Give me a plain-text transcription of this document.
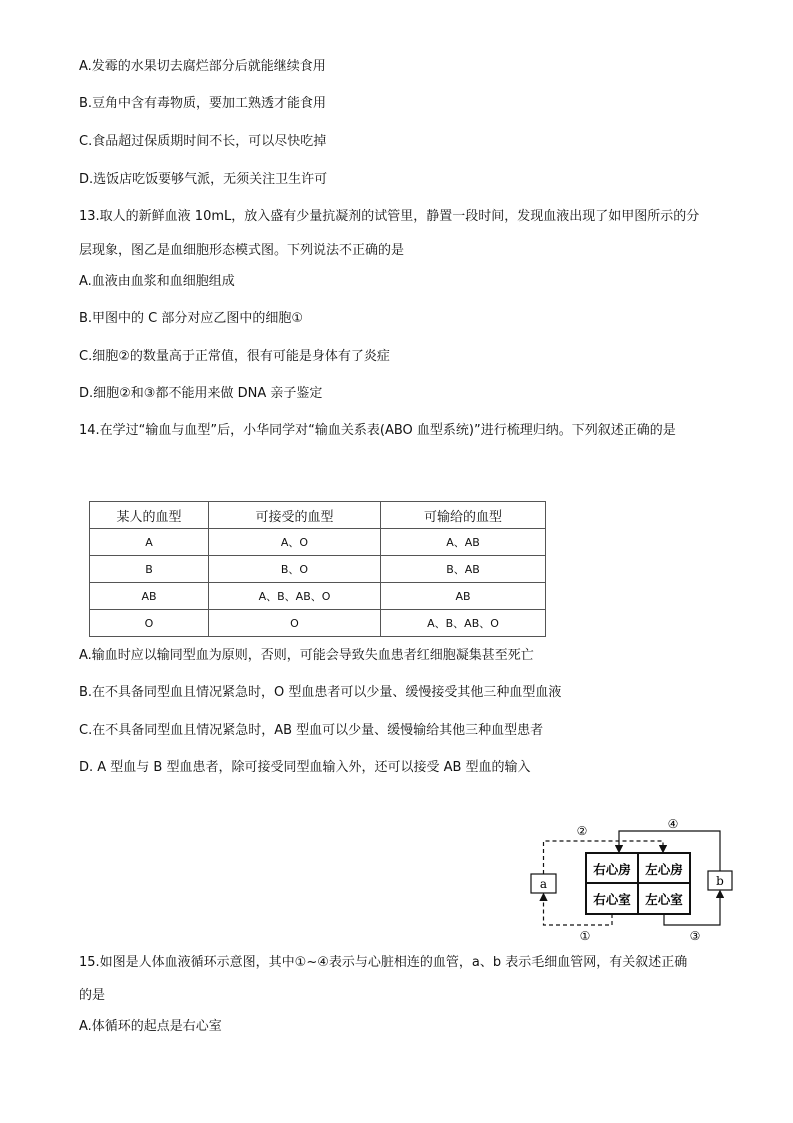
A.发霉的水果切去腐烂部分后就能继续食用
B.豆角中含有毒物质，要加工熟透才能食用
C.食品超过保质期时间不长，可以尽快吃掉
D.选饭店吃饭要够气派，无须关注卫生许可
13.取人的新鲜血液 10mL，放入盛有少量抗凝剂的试管里，静置一段时间，发现血液出现了如甲图所示的分
层现象，图乙是血细胞形态模式图。下列说法不正确的是
A.血液由血浆和血细胞组成
B.甲图中的 C 部分对应乙图中的细胞①
C.细胞②的数量高于正常值，很有可能是身体有了炎症
D.细胞②和③都不能用来做 DNA 亲子鉴定
14.在学过“输血与血型”后，小华同学对“输血关系表(ABO 血型系统)”进行梳理归纳。下列叙述正确的是
某人的血型	可接受的血型	可输给的血型
A	A、O	A、AB
B	B、O	B、AB
AB	A、B、AB、O	AB
O	O	A、B、AB、O
A.输血时应以输同型血为原则，否则，可能会导致失血患者红细胞凝集甚至死亡
B.在不具备同型血且情况紧急时，O 型血患者可以少量、缓慢接受其他三种血型血液
C.在不具备同型血且情况紧急时，AB 型血可以少量、缓慢输给其他三种血型患者
D. A 型血与 B 型血患者，除可接受同型血输入外，还可以接受 AB 型血的输入
右心房 左心房
右心室 左心室
a	b
②	④
①	③
15.如图是人体血液循环示意图，其中①~④表示与心脏相连的血管，a、b 表示毛细血管网，有关叙述正确
的是
A.体循环的起点是右心室
